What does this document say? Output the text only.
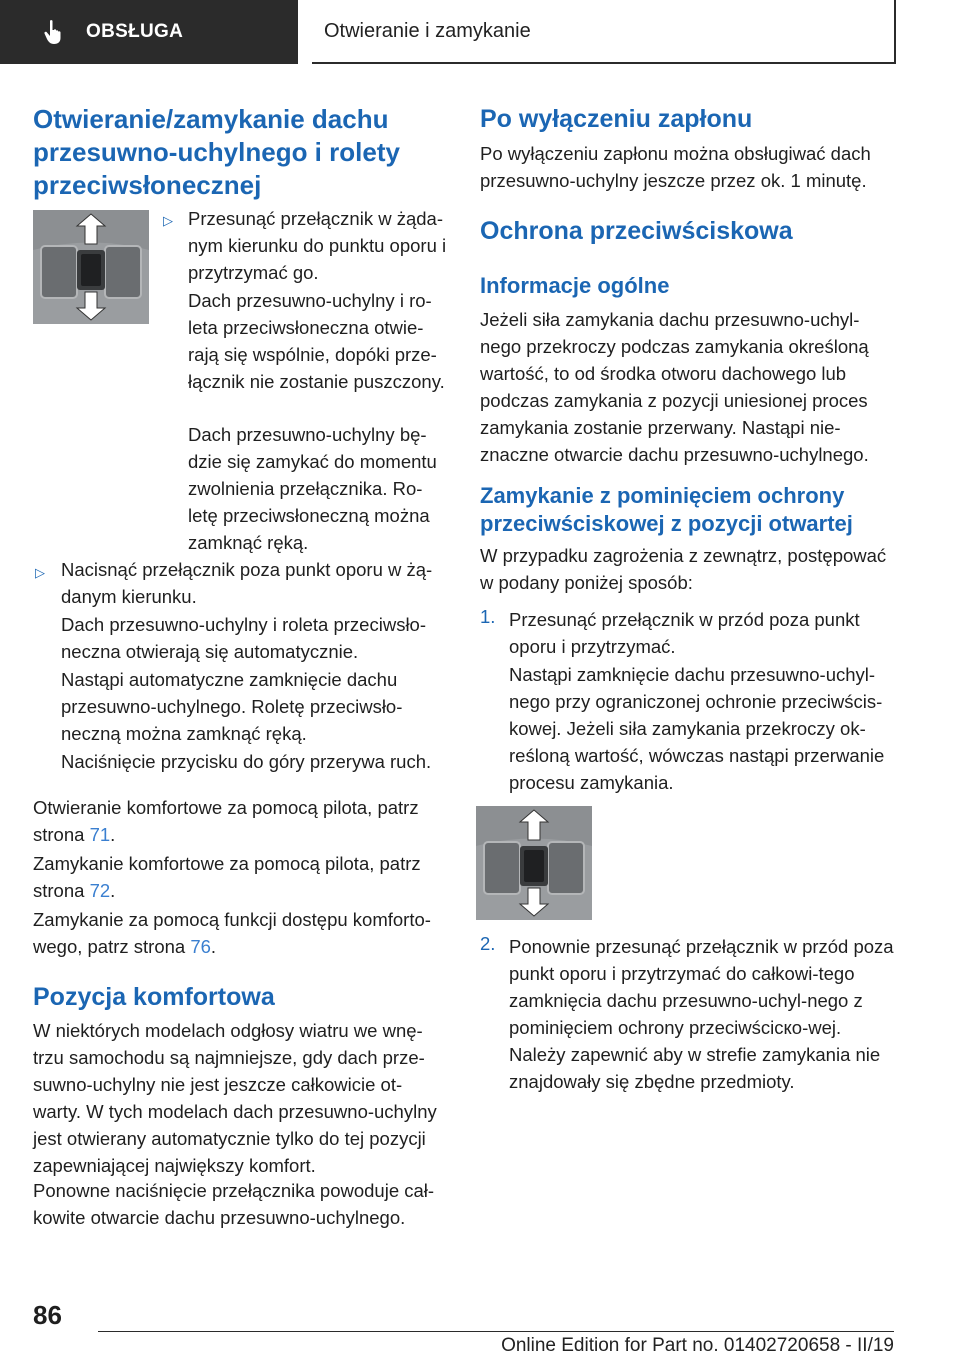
OBSŁUGA	Otwieranie i zamykanie
Otwieranie/zamykanie dachu przesuwno-uchylnego i rolety przeciwsłonecznej
▷ Przesunąć przełącznik w żąda-nym kierunku do punktu oporu i przytrzymać go.

Dach przesuwno-uchylny i ro-leta przeciwsłoneczna otwie-rają się wspólnie, dopóki prze-łącznik nie zostanie puszczony.

Dach przesuwno-uchylny bę-dzie się zamykać do momentu zwolnienia przełącznika. Ro-letę przeciwsłoneczną można zamknąć ręką.

▷ Nacisnąć przełącznik poza punkt oporu w żą-danym kierunku.

Dach przesuwno-uchylny i roleta przeciwsło-neczna otwierają się automatycznie.

Nastąpi automatyczne zamknięcie dachu przesuwno-uchylnego. Roletę przeciwsło-neczną można zamknąć ręką.

Naciśnięcie przycisku do góry przerywa ruch.

Otwieranie komfortowe za pomocą pilota, patrz strona 71.

Zamykanie komfortowe za pomocą pilota, patrz strona 72.

Zamykanie za pomocą funkcji dostępu komforto-wego, patrz strona 76.

Pozycja komfortowa

W niektórych modelach odgłosy wiatru we wnę-trzu samochodu są najmniejsze, gdy dach prze-suwno-uchylny nie jest jeszcze całkowicie ot-warty. W tych modelach dach przesuwno-uchylny jest otwierany automatycznie tylko do tej pozycji zapewniającej największy komfort.

Ponowne naciśnięcie przełącznika powoduje cał-kowite otwarcie dachu przesuwno-uchylnego.

Po wyłączeniu zapłonu

Po wyłączeniu zapłonu można obsługiwać dach przesuwno-uchylny jeszcze przez ok. 1 minutę.

Ochrona przeciwściskowa
Informacje ogólne

Jeżeli siła zamykania dachu przesuwno-uchyl-nego przekroczy podczas zamykania określoną wartość, to od środka otworu dachowego lub podczas zamykania z pozycji uniesionej proces zamykania zostanie przerwany. Nastąpi nie-znaczne otwarcie dachu przesuwno-uchylnego.

Zamykanie z pominięciem ochrony przeciwściskowej z pozycji otwartej

W przypadku zagrożenia z zewnątrz, postępować w podany poniżej sposób:

1. Przesunąć przełącznik w przód poza punkt oporu i przytrzymać.

Nastąpi zamknięcie dachu przesuwno-uchyl-nego przy ograniczonej ochronie przeciwścis-kowej. Jeżeli siła zamykania przekroczy ok-reśloną wartość, wówczas nastąpi przerwanie procesu zamykania.

2. Ponownie przesunąć przełącznik w przód poza punkt oporu i przytrzymać do całkowi-tego zamknięcia dachu przesuwno-uchyl-nego z pominięciem ochrony przeciwściско-wej. Należy zapewnić aby w strefie zamykania nie znajdowały się zbędne przedmioty.

86
Online Edition for Part no. 01402720658 - II/19
